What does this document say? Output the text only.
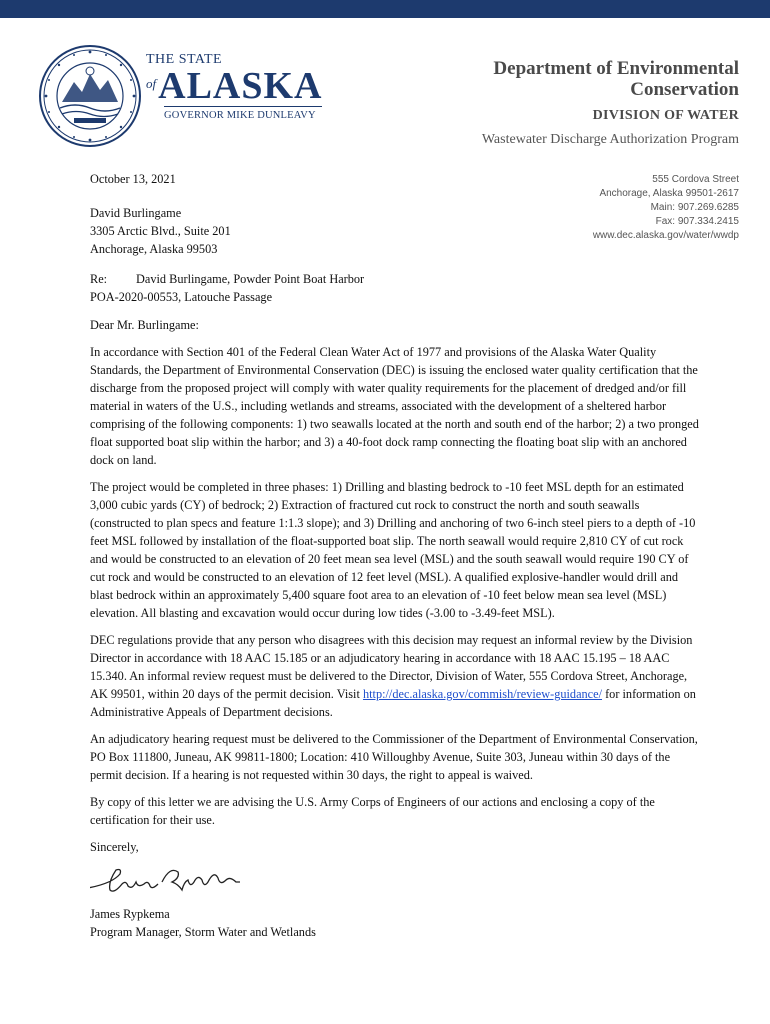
THE STATE
of ALASKA
GOVERNOR MIKE DUNLEAVY
Department of Environmental Conservation
DIVISION OF WATER
Wastewater Discharge Authorization Program
555 Cordova Street
Anchorage, Alaska 99501-2617
Main: 907.269.6285
Fax: 907.334.2415
www.dec.alaska.gov/water/wwdp
October 13, 2021
David Burlingame
3305 Arctic Blvd., Suite 201
Anchorage, Alaska 99503
Re: David Burlingame, Powder Point Boat Harbor
POA-2020-00553, Latouche Passage
Dear Mr. Burlingame:

In accordance with Section 401 of the Federal Clean Water Act of 1977 and provisions of the Alaska Water Quality Standards, the Department of Environmental Conservation (DEC) is issuing the enclosed water quality certification that the discharge from the proposed project will comply with water quality requirements for the placement of dredged and/or fill material in waters of the U.S., including wetlands and streams, associated with the development of a sheltered harbor comprising of the following components: 1) two seawalls located at the north and south end of the harbor; 2) a two pronged float supported boat slip within the harbor; and 3) a 40-foot dock ramp connecting the floating boat slip with an anchored dock on land.

The project would be completed in three phases: 1) Drilling and blasting bedrock to -10 feet MSL depth for an estimated 3,000 cubic yards (CY) of bedrock; 2) Extraction of fractured cut rock to construct the north and south seawalls (constructed to plan specs and feature 1:1.3 slope); and 3) Drilling and anchoring of two 6-inch steel piers to a depth of -10 feet MSL followed by installation of the float-supported boat slip. The north seawall would require 2,810 CY of cut rock and would be constructed to an elevation of 20 feet mean sea level (MSL) and the south seawall would require 190 CY of cut rock and would be constructed to an elevation of 12 feet level (MSL). A qualified explosive-handler would drill and blast bedrock within an approximately 5,400 square foot area to an elevation of -10 feet below mean sea level (MSL) elevation. All blasting and excavation would occur during low tides (-3.00 to -3.49-feet MSL).

DEC regulations provide that any person who disagrees with this decision may request an informal review by the Division Director in accordance with 18 AAC 15.185 or an adjudicatory hearing in accordance with 18 AAC 15.195 – 18 AAC 15.340. An informal review request must be delivered to the Director, Division of Water, 555 Cordova Street, Anchorage, AK 99501, within 20 days of the permit decision. Visit http://dec.alaska.gov/commish/review-guidance/ for information on Administrative Appeals of Department decisions.

An adjudicatory hearing request must be delivered to the Commissioner of the Department of Environmental Conservation, PO Box 111800, Juneau, AK 99811-1800; Location: 410 Willoughby Avenue, Suite 303, Juneau within 30 days of the permit decision. If a hearing is not requested within 30 days, the right to appeal is waived.

By copy of this letter we are advising the U.S. Army Corps of Engineers of our actions and enclosing a copy of the certification for their use.

Sincerely,
James Rypkema
Program Manager, Storm Water and Wetlands
